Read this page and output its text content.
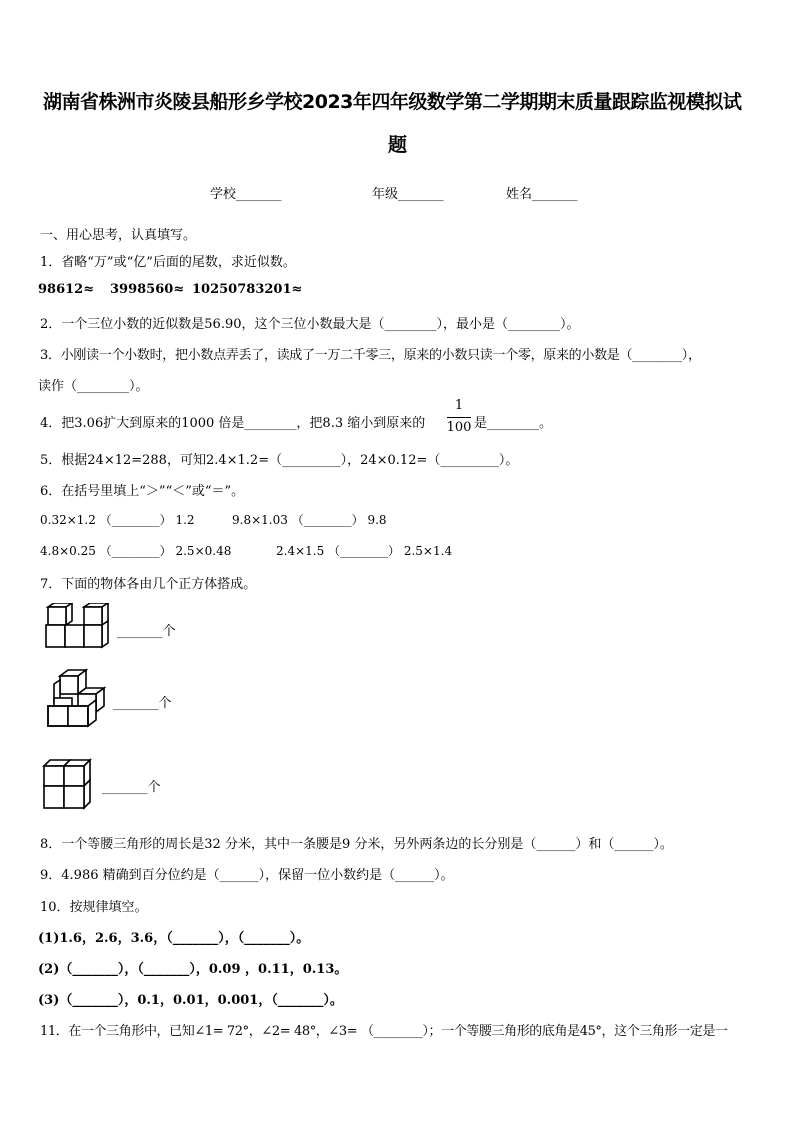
湖南省株洲市炎陵县船形乡学校2023年四年级数学第二学期期末质量跟踪监视模拟试
题
学校_______	年级_______	姓名_______
一、用心思考，认真填写。
1．省略“万”或“亿”后面的尾数，求近似数。
98612≈ 3998560≈ 10250783201≈
2．一个三位小数的近似数是56.90，这个三位小数最大是（________），最小是（________）。
3．小刚读一个小数时，把小数点弄丢了，读成了一万二千零三，原来的小数只读一个零，原来的小数是（________），
读作（________）。
4．把3.06扩大到原来的1000 倍是________，把8.3 缩小到原来的
1
100 是________。
5．根据24×12=288，可知2.4×1.2=（_________），24×0.12=（_________）。
6．在括号里填上“＞”“＜”或“＝”。
0.32×1.2 （________） 1.2	9.8×1.03 （________） 9.8
4.8×0.25 （________） 2.5×0.48	2.4×1.5 （________） 2.5×1.4
7．下面的物体各由几个正方体搭成。
_______个
_______个
_______个
8．一个等腰三角形的周长是32 分米，其中一条腰是9 分米，另外两条边的长分别是（______）和（______）。
9．4.986 精确到百分位约是（______），保留一位小数约是（______）。
10．按规律填空。
(1)1.6，2.6，3.6，（_______），（_______）。
(2)（_______），（_______），0.09 ，0.11，0.13。
(3)（_______），0.1，0.01，0.001，（_______）。
11．在一个三角形中，已知∠1= 72°，∠2= 48°，∠3= （________）；一个等腰三角形的底角是45°，这个三角形一定是一
